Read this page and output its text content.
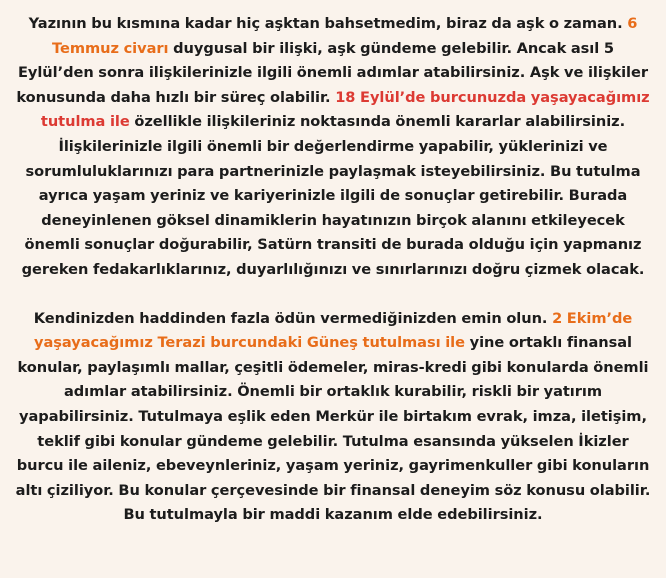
Yazının bu kısmına kadar hiç aşktan bahsetmedim, biraz da aşk o zaman. 6 Temmuz civarı duygusal bir ilişki, aşk gündeme gelebilir. Ancak asıl 5 Eylül’den sonra ilişkilerinizle ilgili önemli adımlar atabilirsiniz. Aşk ve ilişkiler konusunda daha hızlı bir süreç olabilir. 18 Eylül’de burcunuzda yaşayacağımız tutulma ile özellikle ilişkileriniz noktasında önemli kararlar alabilirsiniz. İlişkilerinizle ilgili önemli bir değerlendirme yapabilir, yüklerinizi ve sorumluluklarınızı para partnerinizle paylaşmak isteyebilirsiniz. Bu tutulma ayrıca yaşam yeriniz ve kariyerinizle ilgili de sonuçlar getirebilir. Burada deneyinlenen göksel dinamiklerin hayatınızın birçok alanını etkileyecek önemli sonuçlar doğurabilir, Satürn transiti de burada olduğu için yapmanız gereken fedakarlıklarınız, duyarlılığınızı ve sınırlarınızı doğru çizmek olacak.

Kendinizden haddinden fazla ödün vermediğinizden emin olun. 2 Ekim’de yaşayacağımız Terazi burcundaki Güneş tutulması ile yine ortaklı finansal konular, paylaşımlı mallar, çeşitli ödemeler, miras-kredi gibi konularda önemli adımlar atabilirsiniz. Önemli bir ortaklık kurabilir, riskli bir yatırım yapabilirsiniz. Tutulmaya eşlik eden Merkür ile birtakım evrak, imza, iletişim, teklif gibi konular gündeme gelebilir. Tutulma esansında yükselen İkizler burcu ile aileniz, ebeveynleriniz, yaşam yeriniz, gayrimenkuller gibi konuların altı çiziliyor. Bu konular çerçevesinde bir finansal deneyim söz konusu olabilir. Bu tutulmayla bir maddi kazanım elde edebilirsiniz.
